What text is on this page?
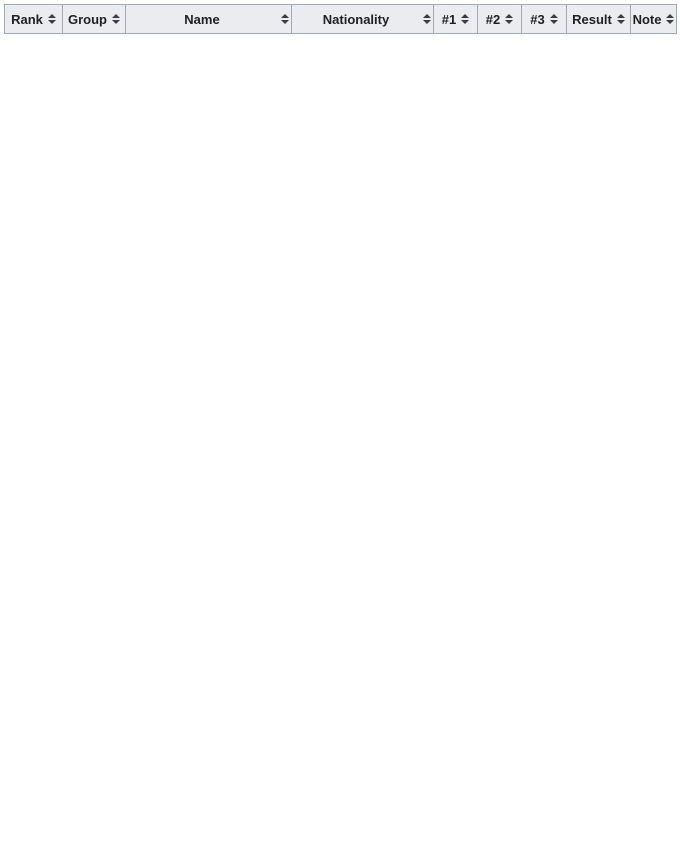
Rank	Group	Name	Nationality	#1	#2	#3	Result	Note
